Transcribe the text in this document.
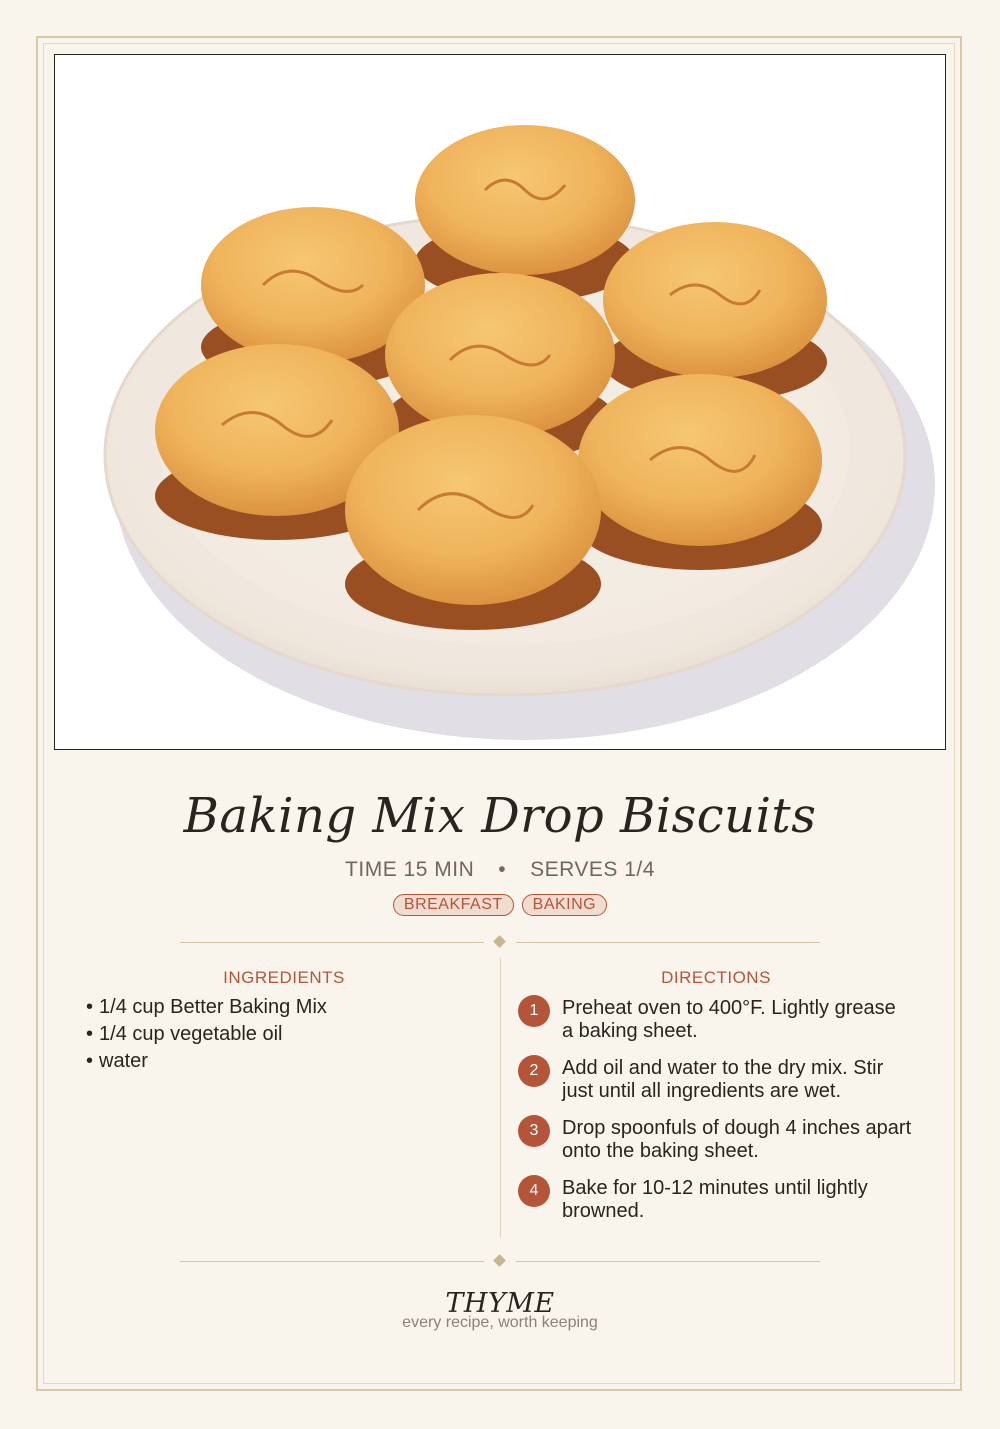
Baking Mix Drop Biscuits
TIME 15 MIN • SERVES 1/4
BREAKFAST BAKING
INGREDIENTS
• 1/4 cup Better Baking Mix
• 1/4 cup vegetable oil
• water
DIRECTIONS
1	Preheat oven to 400°F. Lightly grease a baking sheet.
2	Add oil and water to the dry mix. Stir just until all ingredients are wet.
3	Drop spoonfuls of dough 4 inches apart onto the baking sheet.
4	Bake for 10-12 minutes until lightly browned.
THYME
every recipe, worth keeping
